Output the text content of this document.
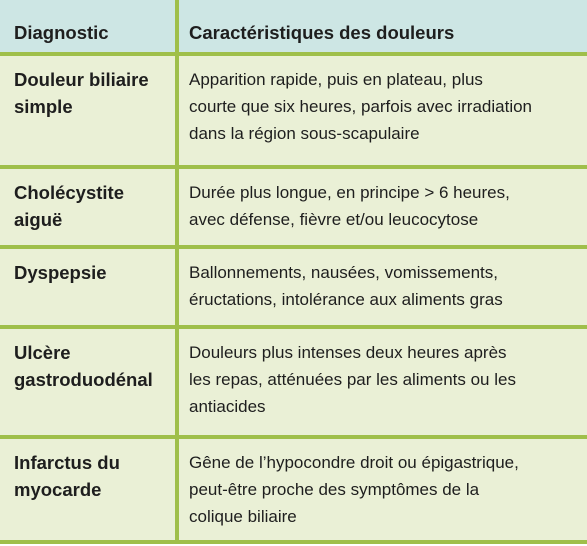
Diagnostic	Caractéristiques des douleurs
Douleur biliaire
simple	Apparition rapide, puis en plateau, plus
courte que six heures, parfois avec irradiation
dans la région sous-scapulaire
Cholécystite
aiguë	Durée plus longue, en principe > 6 heures,
avec défense, fièvre et/ou leucocytose
Dyspepsie	Ballonnements, nausées, vomissements,
éructations, intolérance aux aliments gras
Ulcère
gastroduodénal	Douleurs plus intenses deux heures après
les repas, atténuées par les aliments ou les
antiacides
Infarctus du
myocarde	Gêne de l’hypocondre droit ou épigastrique,
peut-être proche des symptômes de la
colique biliaire
